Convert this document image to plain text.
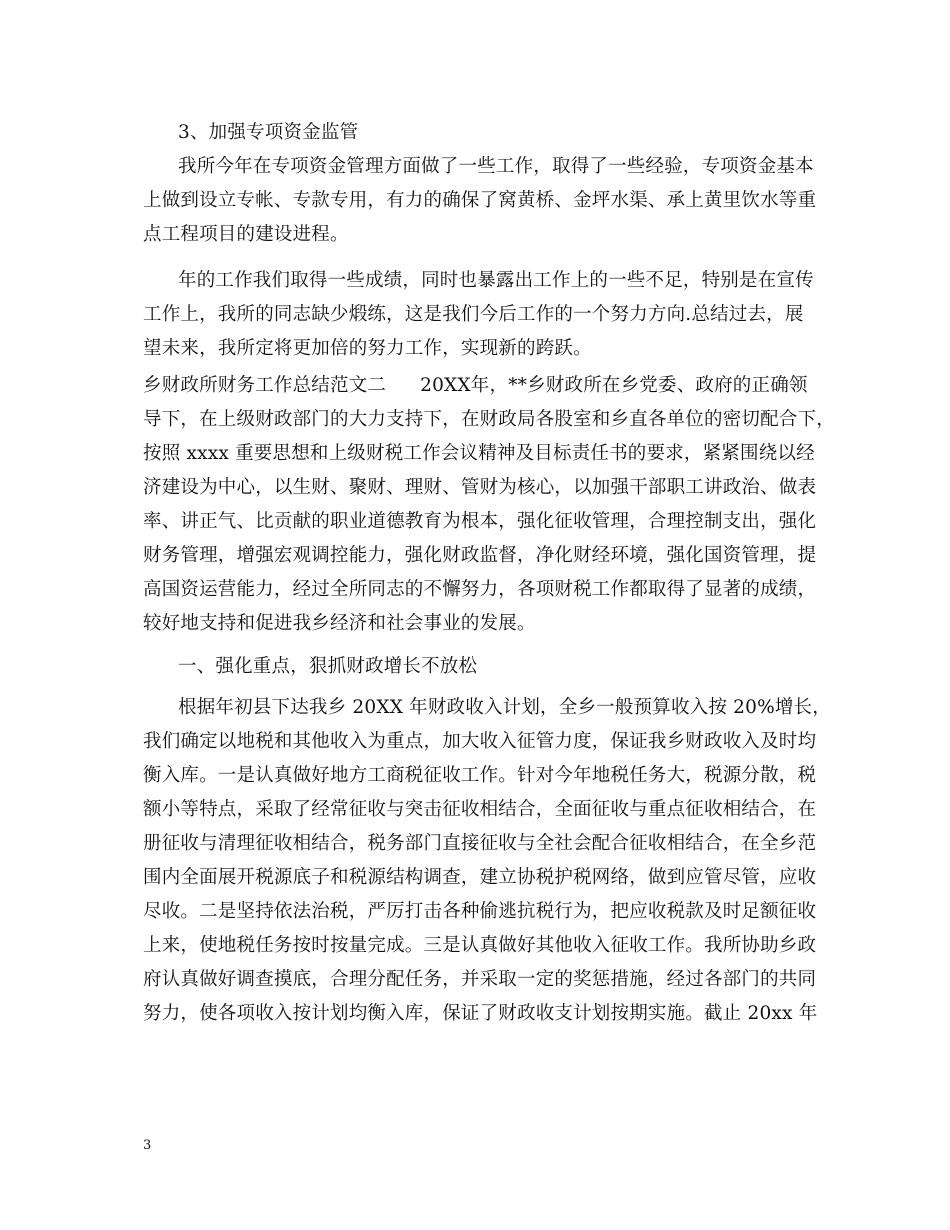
3、加强专项资金监管
我所今年在专项资金管理方面做了一些工作，取得了一些经验，专项资金基本
上做到设立专帐、专款专用，有力的确保了窝黄桥、金坪水渠、承上黄里饮水等重
点工程项目的建设进程。
年的工作我们取得一些成绩，同时也暴露出工作上的一些不足，特别是在宣传
工作上，我所的同志缺少煅练，这是我们今后工作的一个努力方向.总结过去，展
望未来，我所定将更加倍的努力工作，实现新的跨跃。
乡财政所财务工作总结范文二 20XX年，**乡财政所在乡党委、政府的正确领
导下，在上级财政部门的大力支持下，在财政局各股室和乡直各单位的密切配合下，
按照 xxxx 重要思想和上级财税工作会议精神及目标责任书的要求，紧紧围绕以经
济建设为中心，以生财、聚财、理财、管财为核心，以加强干部职工讲政治、做表
率、讲正气、比贡献的职业道德教育为根本，强化征收管理，合理控制支出，强化
财务管理，增强宏观调控能力，强化财政监督，净化财经环境，强化国资管理，提
高国资运营能力，经过全所同志的不懈努力，各项财税工作都取得了显著的成绩，
较好地支持和促进我乡经济和社会事业的发展。
一、强化重点，狠抓财政增长不放松
根据年初县下达我乡 20XX 年财政收入计划，全乡一般预算收入按 20%增长，
我们确定以地税和其他收入为重点，加大收入征管力度，保证我乡财政收入及时均
衡入库。一是认真做好地方工商税征收工作。针对今年地税任务大，税源分散，税
额小等特点，采取了经常征收与突击征收相结合，全面征收与重点征收相结合，在
册征收与清理征收相结合，税务部门直接征收与全社会配合征收相结合，在全乡范
围内全面展开税源底子和税源结构调查，建立协税护税网络，做到应管尽管，应收
尽收。二是坚持依法治税，严厉打击各种偷逃抗税行为，把应收税款及时足额征收
上来，使地税任务按时按量完成。三是认真做好其他收入征收工作。我所协助乡政
府认真做好调查摸底，合理分配任务，并采取一定的奖惩措施，经过各部门的共同
努力，使各项收入按计划均衡入库，保证了财政收支计划按期实施。截止 20xx 年
3
